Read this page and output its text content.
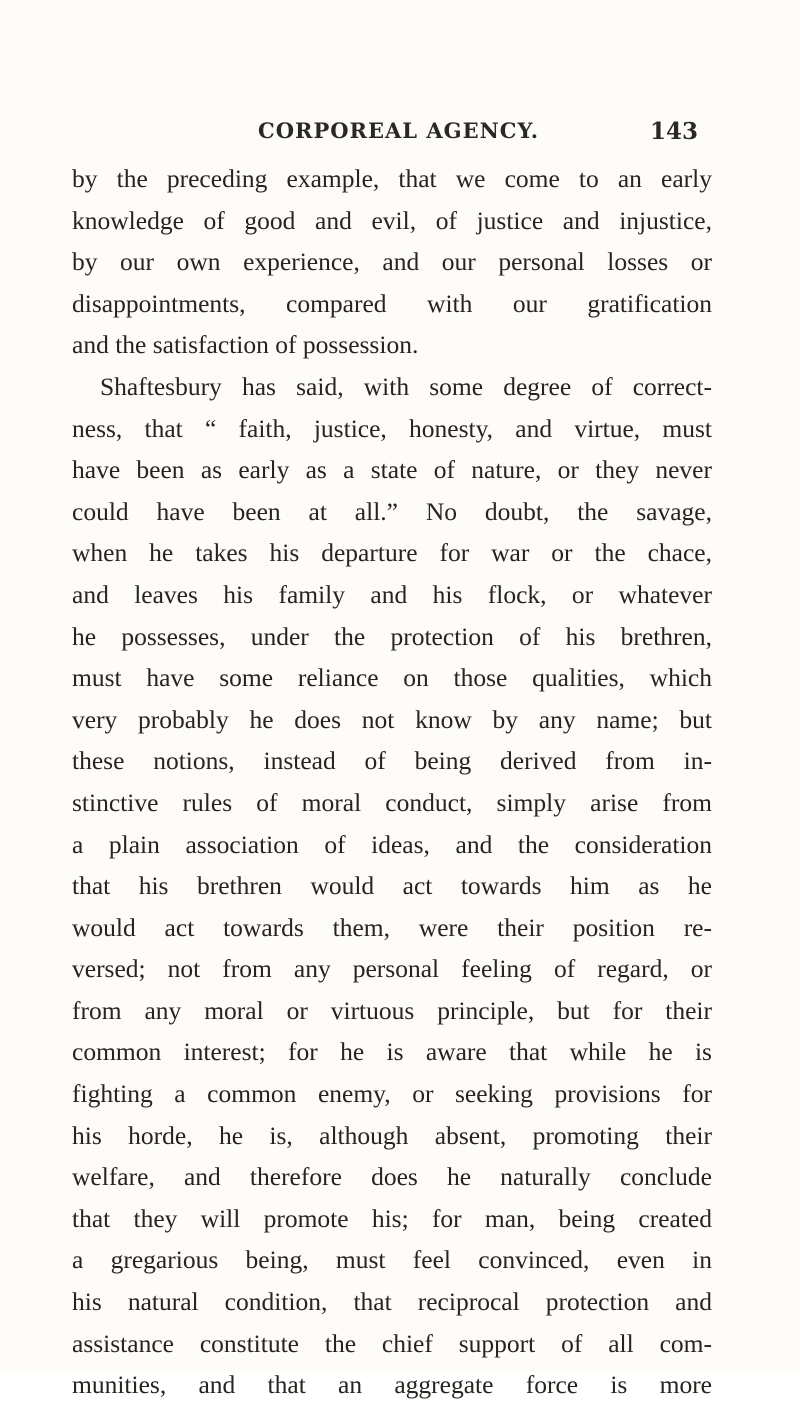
CORPOREAL AGENCY.	143
by the preceding example, that we come to an early
knowledge of good and evil, of justice and injustice,
by our own experience, and our personal losses or
disappointments, compared with our gratification
and the satisfaction of possession.
Shaftesbury has said, with some degree of correct-
ness, that “ faith, justice, honesty, and virtue, must
have been as early as a state of nature, or they never
could have been at all.” No doubt, the savage,
when he takes his departure for war or the chace,
and leaves his family and his flock, or whatever
he possesses, under the protection of his brethren,
must have some reliance on those qualities, which
very probably he does not know by any name; but
these notions, instead of being derived from in-
stinctive rules of moral conduct, simply arise from
a plain association of ideas, and the consideration
that his brethren would act towards him as he
would act towards them, were their position re-
versed; not from any personal feeling of regard, or
from any moral or virtuous principle, but for their
common interest; for he is aware that while he is
fighting a common enemy, or seeking provisions for
his horde, he is, although absent, promoting their
welfare, and therefore does he naturally conclude
that they will promote his; for man, being created
a gregarious being, must feel convinced, even in
his natural condition, that reciprocal protection and
assistance constitute the chief support of all com-
munities, and that an aggregate force is more
